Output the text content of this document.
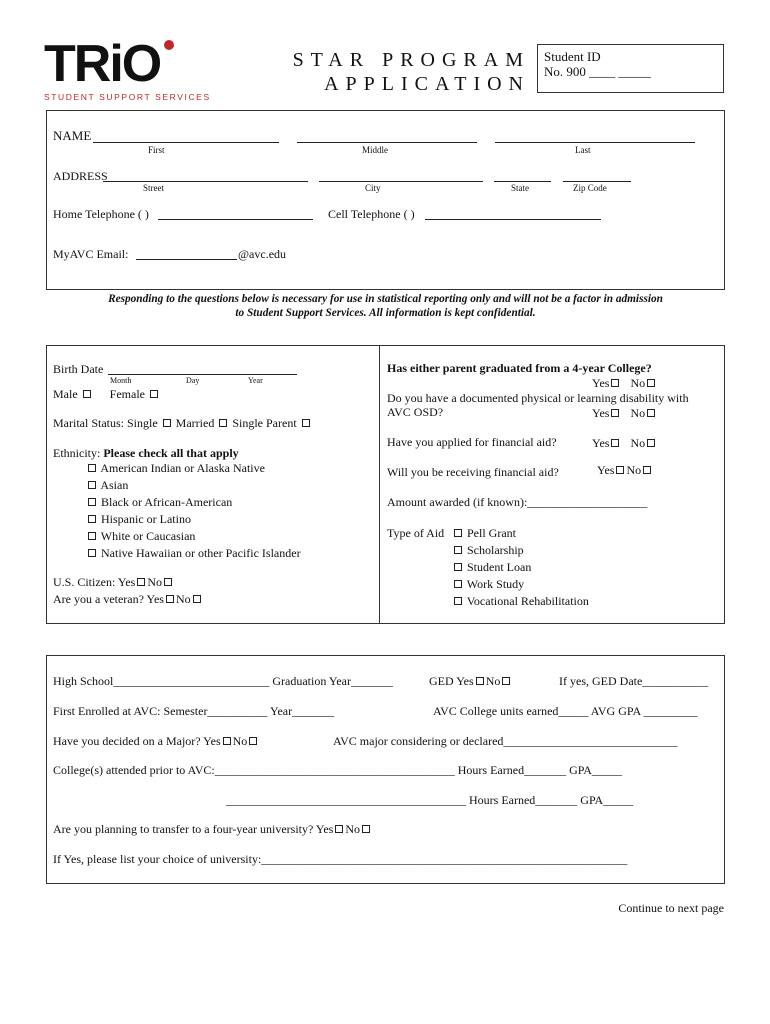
TRiO
STUDENT SUPPORT SERVICES
STAR PROGRAM
APPLICATION
Student ID
No. 900 ____ _____
NAME
First	Middle	Last
ADDRESS
Street	City	State	Zip Code
Home Telephone ( )	Cell Telephone ( )
MyAVC Email:	@avc.edu
Responding to the questions below is necessary for use in statistical reporting only and will not be a factor in admission
to Student Support Services. All information is kept confidential.
Birth Date
Month	Day	Year
Male	Female
Marital Status: Single Married Single Parent
Ethnicity: Please check all that apply
American Indian or Alaska Native
Asian
Black or African-American
Hispanic or Latino
White or Caucasian
Native Hawaiian or other Pacific Islander
U.S. Citizen: Yes No
Are you a veteran? Yes No
Has either parent graduated from a 4-year College?
Yes No
Do you have a documented physical or learning disability with
AVC OSD?	Yes No
Have you applied for financial aid?	Yes No
Will you be receiving financial aid?	Yes No
Amount awarded (if known):____________________
Type of Aid	Pell Grant
Scholarship
Student Loan
Work Study
Vocational Rehabilitation
High School__________________________ Graduation Year_______	GED Yes No	If yes, GED Date___________
First Enrolled at AVC: Semester__________ Year_______	AVC College units earned_____ AVG GPA _________
Have you decided on a Major? Yes No	AVC major considering or declared_____________________________
College(s) attended prior to AVC:________________________________________ Hours Earned_______ GPA_____
________________________________________ Hours Earned_______ GPA_____
Are you planning to transfer to a four-year university? Yes No
If Yes, please list your choice of university:_____________________________________________________________
Continue to next page
